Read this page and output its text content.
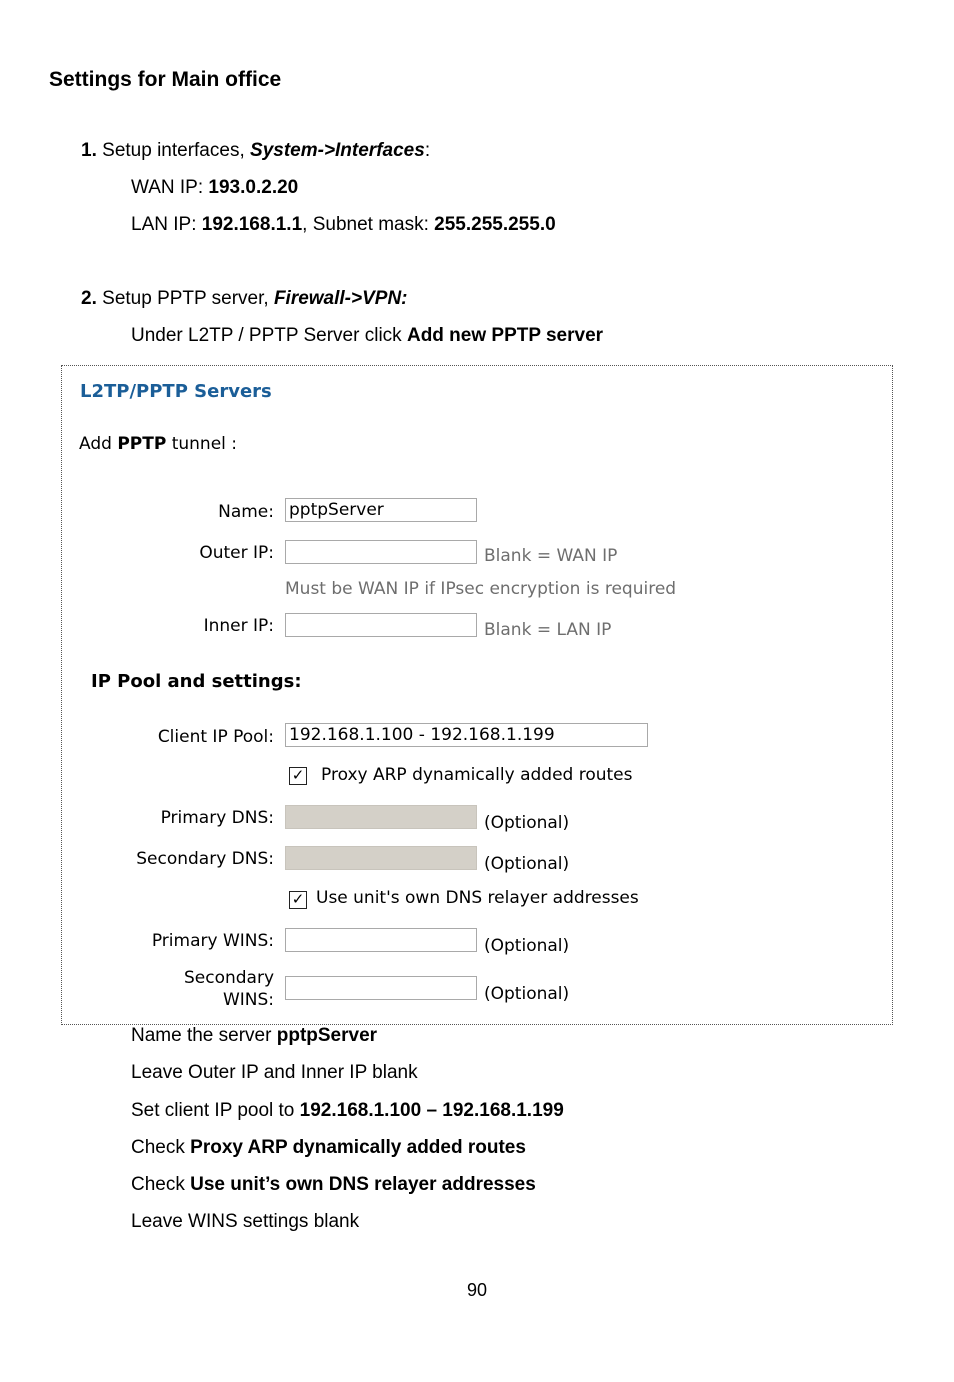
Settings for Main office
1. Setup interfaces, System->Interfaces:
WAN IP: 193.0.2.20
LAN IP: 192.168.1.1, Subnet mask: 255.255.255.0
2. Setup PPTP server, Firewall->VPN:
Under L2TP / PPTP Server click Add new PPTP server
L2TP/PPTP Servers
Add PPTP tunnel :
Name: pptpServer
Outer IP:	Blank = WAN IP
Must be WAN IP if IPsec encryption is required
Inner IP:	Blank = LAN IP
IP Pool and settings:
Client IP Pool: 192.168.1.100 - 192.168.1.199
✓ Proxy ARP dynamically added routes
Primary DNS:	(Optional)
Secondary DNS:	(Optional)
✓ Use unit's own DNS relayer addresses
Primary WINS:	(Optional)
Secondary
WINS:	(Optional)
Name the server pptpServer
Leave Outer IP and Inner IP blank
Set client IP pool to 192.168.1.100 – 192.168.1.199
Check Proxy ARP dynamically added routes
Check Use unit’s own DNS relayer addresses
Leave WINS settings blank
90
